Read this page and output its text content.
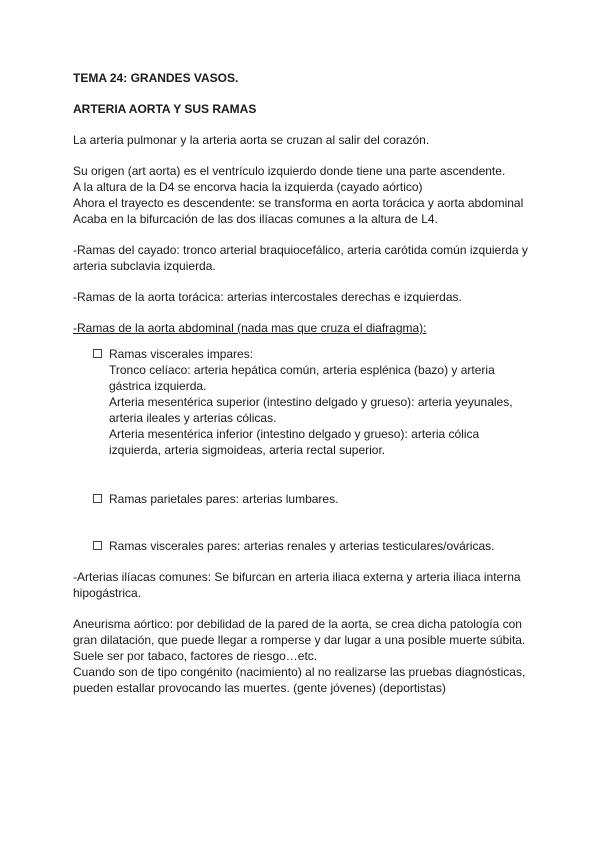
TEMA 24: GRANDES VASOS.

ARTERIA AORTA Y SUS RAMAS

La arteria pulmonar y la arteria aorta se cruzan al salir del corazón.

Su origen (art aorta) es el ventrículo izquierdo donde tiene una parte ascendente.

A la altura de la D4 se encorva hacia la izquierda (cayado aórtico)

Ahora el trayecto es descendente: se transforma en aorta torácica y aorta abdominal

Acaba en la bifurcación de las dos ilíacas comunes a la altura de L4.

-Ramas del cayado: tronco arterial braquiocefálico, arteria carótida común izquierda y arteria subclavia izquierda.

-Ramas de la aorta torácica: arterias intercostales derechas e izquierdas.

-Ramas de la aorta abdominal (nada mas que cruza el diafragma):

Ramas viscerales impares:

Tronco celíaco: arteria hepática común, arteria esplénica (bazo) y arteria gástrica izquierda.

Arteria mesentérica superior (intestino delgado y grueso): arteria yeyunales, arteria ileales y arterias cólicas.

Arteria mesentérica inferior (intestino delgado y grueso): arteria cólica izquierda, arteria sigmoideas, arteria rectal superior.

Ramas parietales pares: arterias lumbares.

Ramas viscerales pares: arterias renales y arterias testiculares/ováricas.

-Arterias ilíacas comunes: Se bifurcan en arteria iliaca externa y arteria iliaca interna hipogástrica.

Aneurisma aórtico: por debilidad de la pared de la aorta, se crea dicha patología con gran dilatación, que puede llegar a romperse y dar lugar a una posible muerte súbita. Suele ser por tabaco, factores de riesgo…etc.

Cuando son de tipo congénito (nacimiento) al no realizarse las pruebas diagnósticas, pueden estallar provocando las muertes. (gente jóvenes) (deportistas)
